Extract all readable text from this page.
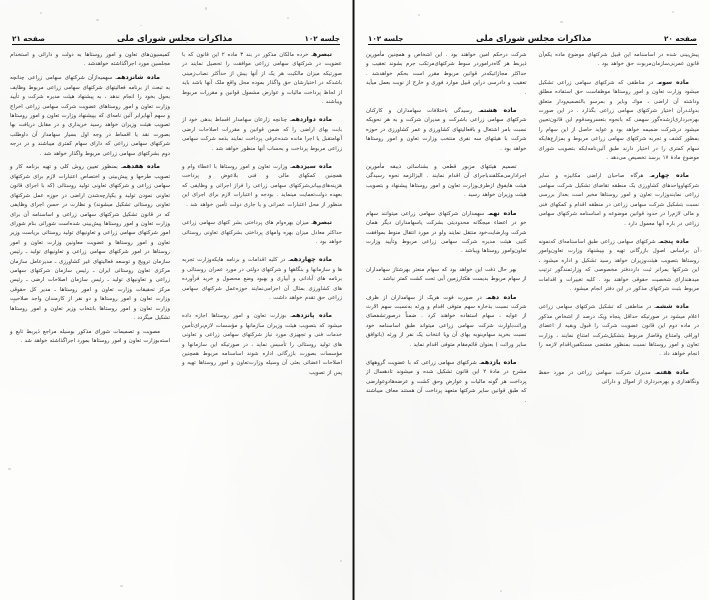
جلسه ۱۰۲
مذاکرات مجلس شورای ملی
صفحه ۲۱

تبصرهـ خرده مالکان مذکور در بند ۳ ماده ۲ این قانون که با عضویت در شرکتهای سهامی زراعی موافقت را تحصیل نمایند در صورتیکه میزان مالکیت هر یک از آنها بیش از حدأکثر نصاب‌زمینی باشدکه در اختیارشان حق واگذار بموده محل واقع ملک آنها باشد باید از لحاظ پرداخت مالیات و عوارض مشمول قوانین و مقررات مربوط ویباشند .

ماده دوازدهمـ چنانچه زارعان سهامدار اقساط بدهی خود از بابت بهای اراضی را که ضمن قوانین و مقررات اصلاحات ارضی آنهامتقبل یا اجرا مانده شده‌عرفی پرداخت نمایند بذمه شرکت سهامی زراعی مربوط پرداخت و بحساب آنها منظور خواهد شد .

ماده سیزدهمـ وزارت تعاون و امور روستاها با اعطاء وام و همچنین کمکهای مالی و فنی بلاعوض و پرداخت هزینه‌های‌بیبانی‌شرکتهای سهامی زراعی را فراز اجرائی و وظایفی که بعهده دولت‌تعمایت مینماید . بودجه و اعتبارات لازم برای اجرای این منظور از محل اعتبارات عمرانی و یا جاری دولت تأمین خواهد شد .

تبصرهـ میزان بهره‌وام های پرداختی بشر کتهای سهامی زراعی حداکثر معادل میزان بهره وامهای پرداختی بشرکتهای تعاونی روستائی خواهد بود .

ماده چهاردهمـ در کلیه اقدامات و برنامه هایکه‌وزارت تجربه ها و سازمانها و بنگاهها و شرکتهای دولتی در مورد عمران روستائی و برنامه های آبادانی و آبیاری و بهبود وضع محصول و خرید فرآورده های کشاورزی بمثال آن اجرامی‌نمایند حوزه‌عمل شرکتهای سهامی زراعی حق تقدم خواهد داشت .

ماده پانزدهمـ بوزارت تعاون و امور روستاها اجازه داده میشود که بتصویب هیئت وزیران سازمانها و مؤسسات لازم‌برای‌تأمین خدمات فنی و تجهیزی مورد نیاز شرکتهای سهامی زراعی و تعاونی های تولید روستائی را تأسیس نماید ، در صورتیکه این سازمانها و مؤسسات بصورت بازرگانی اداره شوند اساسنامه مربوط همچنین اصلاحات اعضائی بعثی آن وسیله وزارت‌تعاون و امور روستاها تهیه و پس از تصویب

کمیسیون‌های تعاون و امور روستاها به دولت و دارائی و استخدام مجلسین مورد اجراگذاشته خواهدشد .

ماده شانزدهمـ سهمیه‌ازآن شرکتهای سهامی زراعی چنانچه به تبعث از برنامه فعالیتهای شرکتهای سهامی زراعی مربوط وظایف بحول بخود را انجام ندهد ، به پیشنهاد هیئت مدیره شرکت و تأیید وزارت تعاون و امور روستاهای عضویت شرکت سهامی زراعی اخراج و سهم آنهابرابر آئین نامه‌ای که بپیشنهاد وزارت تعاون و امور روستاها تصویب هیئت وزیران خواهد رسید خریداری و در مقابل دریافت بها بصورت نقد یا اقساط در وجه اول بسیار سهامدار آن داوطلب شرکتهای سهامی زراعی که دارای سهام کمتری میباشند و در درجه دوم بشرکتهای سهامی زراعی مربوط واگذار خواهد شد .

ماده هفدهمـ بمنظور تعیین روش کلی و تهیه برنامه کار و تصویب طرحها و پیش‌بینی و اختصاص اعتبارات لازم برای شرکتهای سهامی زراعی و شرکتهای تعاونی تولید روستائی (که با اجرای قانون تعاونی نمودن تولید و یکپارچه‌شدن اراضی در حوزه عمل شرکتهای تعاونی روستائی تشکیل میشوند) و نظارت در حسن اجرای وظایفی که در قانون تشکیل شرکتهای سهامی زراعی و اساسنامه آن برای وزارت تعاون و امور روستاها پیش‌بینی شده‌است شورائی بنام شورای امور شرکتهای سهامی زراعی و تعاونیهای تولید روستائی بریاست وزیر تعاون و امور روستاها و عضویت معاونین وزارت تعاون و امور روستاها در امور شرکتهای سهامی زراعی و تعاونیهای تولید ـ رئیس سازمان ترویج و توسعه فعالیتهای غیر کشاورزی ـ مدیرعامل سازمان مرکزی تعاون روستائی ایران ـ رئیس سازمان شرکتهای سهامی زراعی و تعاونیهای تولید ـ رئیس سازمان اصلاحات ارضی ـ رئیس مرکز تحقیقات وزارت تعاون و امور روستاها ـ مدیر کل حقوقی وزارت تعاون و امور روستاها و دو نفر از کارمندان واجد صلاحیت وزارت تعاون و امور روستاها بانتخاب وزیر تعاون و امور روستاها تشکیل میگردد .

مصوبت و تصمیمات شورای مذکور بوسیله مراجع ذیربط تابع و استه‌بوزارت تعاون و امور روستاها بمورد اجراگذاشته خواهد شد .

صفحه ۲۰
مذاکرات مجلس شورای ملی
جلسه ۱۰۲

پیش‌بینی شده در اساسنامه این قبیل شرکتهای موضوع ماده یکم‌آن قانون عمربی‌سازمان‌مربوث حق خواهد بود .

ماده سومـ در مناطقی که شرکتهای سهامی زراعی تشکیل میشود وزارت تعاون و امور روستاها موظفاست حق استفاده مطلق وداشته آن اراضی ، مواتـ وبایر و بمرسو بالتصمیم‌ودار متعلق بدولتـ‌درآن اختیار شرکتهای سهامی زراعی بگذارد . در این صورت بهره‌برداری‌ازشده‌گور سهمی که بانحوه بتعسر‌ومدقوم این قانون‌تعیین میشود درشرکت ضمیمه خواهد بود و عواید حاصل از این سهام را بمظور کشف و تجربه شرکتهای سهامی زراعی مربوط و بمزارع‌هایکه سهام کمتری را در اختیار دارند طبق آئین‌نامه‌ایکه بتصویب شورای موضوع مادهٔ ۱۷ برسد تخصیص می‌دهد .

ماده چهارمـ هرگاه صاحبان اراضی مکانیزه و سایر شرکتهاوواحدهای کشاورزی یک منطقه تقاضای تشکیل شرکت سهامی زراعی نمایندوزارت تعاون و امور روستاها مخیر است بعداز بررسی نسبت بتشکیل شرکت سهامی زراعی در منطقه اقدام و کمکهای فنی و مالی لازم‌را در حدود قوانین موضوعه و اساسنامه شرکتهای سهامی زراعی در باره آنها معمول دارد .

ماده پنجمـ شرکتهای سهامی زراعی طبق اساسنامه‌ای که‌نمونه آن براساس اصول بازرگانی تهیه و بپیشنهاد وزارت تعاون‌وامور روستاها بتصویب هیئت‌وزیران خواهد رسید تشکیل و اداره میشود ، این شرکتها بمرانر ثبت دارددفتر مخصوصی که وزارتمندگور ترتیب میدهندارای شخصیت حقوقی خواهند بود . کلیه تغییرات و اقدامات مربوط بثبت شرکتهای مذکور در این دفتر انجام میشود .

ماده ششمـ در مناطقی که تشکیل شرکتهای سهامی زراعی اعلام میشود در صورتیکه حداقل پنجاه ویک درصد از اشخاص مذکور در ماده دوم این قانون عضویت شرکت را قبول وبقیه از اعضای اوراقی وامتناع وقاضاز مربوط بتشکیل‌شرکت امتناع نمایند ، وزارت تعاون و امور روستاها نسبت بمنظور مقتضی مستکفین‌اقدام لازمه را انجام خواهد داد .

ماده هفتمـ مدیران شرکت سهامی زراعی در مورد حفظ ونگاهداری و بهره‌برداری از اموال و دارائی

شرکت درحکم امین خواهند بود . این اشخاص و همچنین مأمورین ذیربط هر گاه‌دراموردر سوط شرکتهای‌مرتکب جرم بشوند تعقیب و حداکثر مجازاتیکه‌در قوانین مربوط مقرر است بحکم خواهدشد . تعقیب و دادرسی دراین قبیل موارد فوری و خارج از نوبت بعمل میآید .

ماده هشتمـ رسیدگی باختلافات سهامداران و کارکنان شرکتهای سهامی زراعی باشرکت و مدیران شرکت و به هر نحویکه نسبت بامر اشتغال و بافعالیتهای کشاورزی و عمر کشاورزی در حوزه شرکت با هیئتهای سه نفری منتخب وزارت تعاون و امور روستاها خواهد بود .

تصمیم هیئتهای مزبور قطعی و بشناسائی ذیبقه مأمورین اجرادارمی‌مکلفندباجرای آن اقدام نمایند . الیزالزمه نحوه رسیدگی هیئت هایفوق ازطرف‌وزارت تعاون و امور روستاها پیشنهاد و بتصویب هیئت وزیران خواهد رسید .

ماده نهمـ سهمداران شرکتهای سهامی زراعی میتوانند سهام خو در اعضاء میجگانه محدودیتی بشرکت یاسهامداران دیگر همان شرکت وبارضایت‌خود منتقل نمایند ولو در مورد انتقال منوط بموافقت کتبی هیئت مدیره شرکت سهامی زراعی مربوط وتأیید وزارت تعاون‌وامور روستاها ویباشد .

بهر حال ذفت این خواهد بود که سهام منعتر بهرشتاز سهامداران از سهام مربوط بدیست هکتارزمین آبی تحت کشت کمتر نباشد .

ماده دهمـ در صورت فوت هریک از سهامداران از ظرف شرکت نسبت بذخاره سهم متوفی اقدام و ورثه به‌نسبت سهم الارث از عوایه ، سهام استفاده خواهند کرد . ضمناً درصورتشفصای وراثت‌باوارث شرکت سهامی زراعی میتواند طبق اساسنامه خود نسبت بخرید سهام‌بنوبه بهای آن ویا انتخاب یک نفر از ورثه (باتوافق سایر وراثت ) بعنوان قائم‌مقام متوفی اقدام نماید .

ماده یازدهمـ شرکتهای سهامی زراعی که با عضویت گروههای مشرح در مادهٔ ۲ این قانون تشکیل شده و میشوند تادهسال از پرداخت هر گونه مالیات و عوارض وحق کشت و عرضه‌هادوعوارضی که طبق قوانین سایر شرکتها متعهد پرداخت آن هستند معاف میباشند .
